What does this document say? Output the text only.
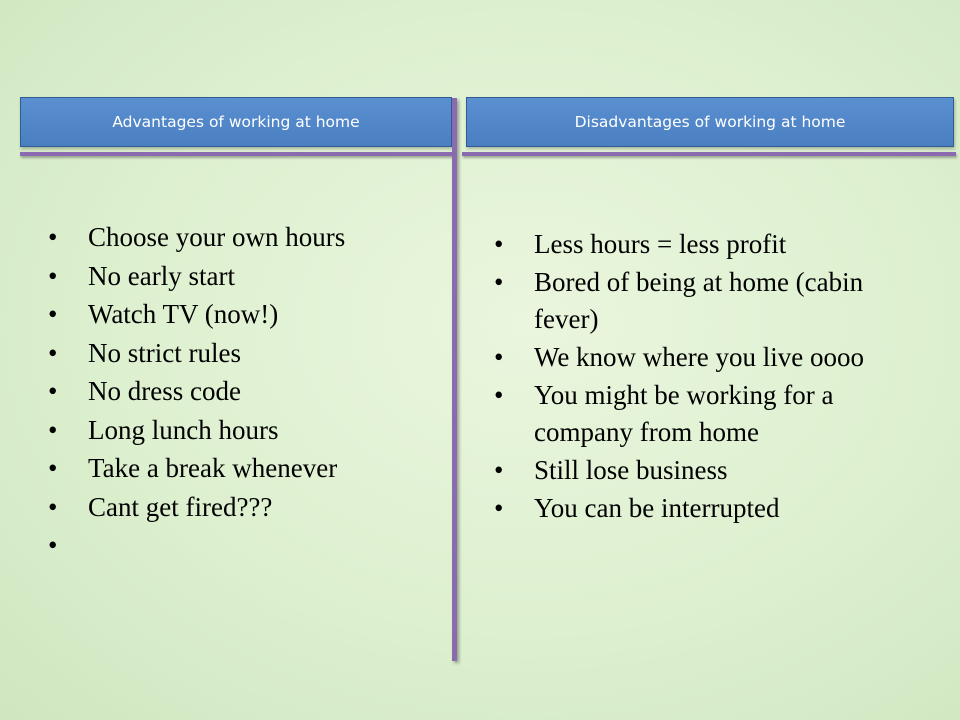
Advantages of working at home	Disadvantages of working at home
• Choose your own hours
• No early start
• Watch TV (now!)
• No strict rules
• No dress code
• Long lunch hours
• Take a break whenever
• Cant get fired???
•
• Less hours = less profit
• Bored of being at home (cabin fever)
• We know where you live oooo
• You might be working for a company from home
• Still lose business
• You can be interrupted
